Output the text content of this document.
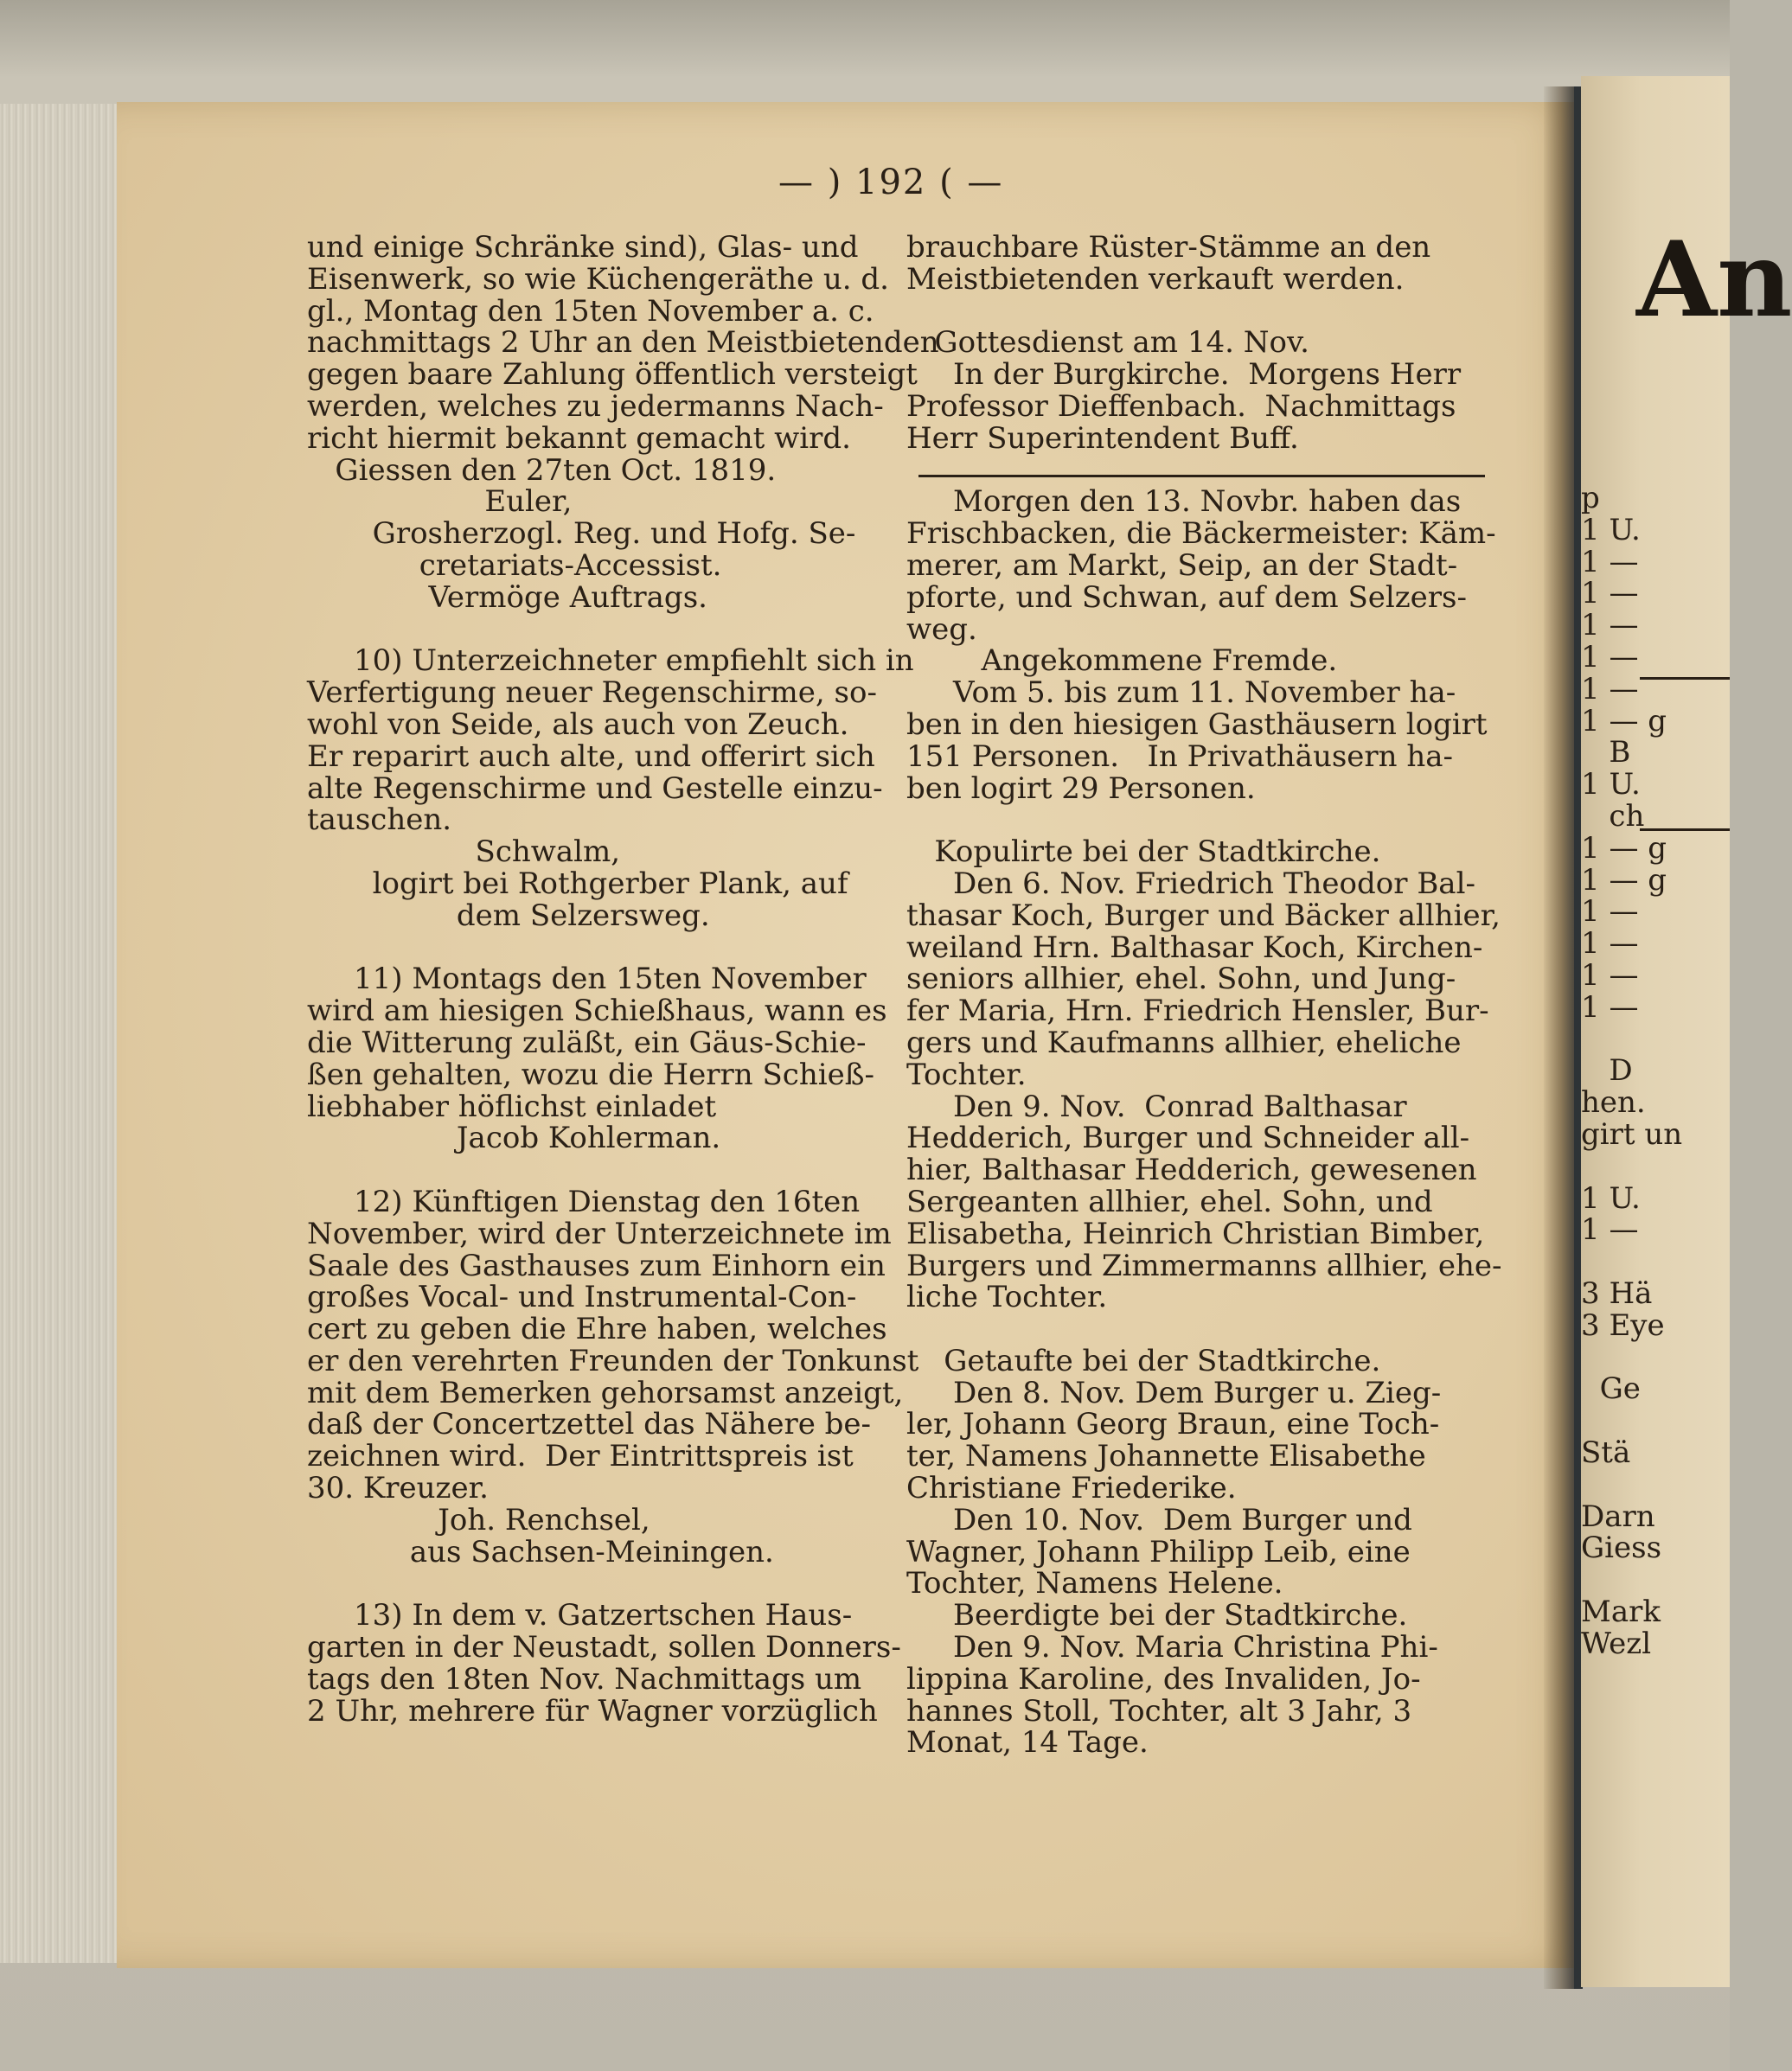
— ) 192 ( —

und einige Schränke sind), Glas- und

Eisenwerk, so wie Küchengeräthe u. d.

gl., Montag den 15ten November a. c.

nachmittags 2 Uhr an den Meistbietenden

gegen baare Zahlung öffentlich versteigt

werden, welches zu jedermanns Nach-

richt hiermit bekannt gemacht wird.

Giessen den 27ten Oct. 1819.

Euler,

Grosherzogl. Reg. und Hofg. Se-

cretariats-Accessist.

Vermöge Auftrags.

10) Unterzeichneter empfiehlt sich in

Verfertigung neuer Regenschirme, so-

wohl von Seide, als auch von Zeuch.

Er reparirt auch alte, und offerirt sich

alte Regenschirme und Gestelle einzu-

tauschen.

Schwalm,

logirt bei Rothgerber Plank, auf

dem Selzersweg.

11) Montags den 15ten November

wird am hiesigen Schießhaus, wann es

die Witterung zuläßt, ein Gäus-Schie-

ßen gehalten, wozu die Herrn Schieß-

liebhaber höflichst einladet

Jacob Kohlerman.

12) Künftigen Dienstag den 16ten

November, wird der Unterzeichnete im

Saale des Gasthauses zum Einhorn ein

großes Vocal- und Instrumental-Con-

cert zu geben die Ehre haben, welches

er den verehrten Freunden der Tonkunst

mit dem Bemerken gehorsamst anzeigt,

daß der Concertzettel das Nähere be-

zeichnen wird.  Der Eintrittspreis ist

30. Kreuzer.

Joh. Renchsel,

aus Sachsen-Meiningen.

13) In dem v. Gatzertschen Haus-

garten in der Neustadt, sollen Donners-

tags den 18ten Nov. Nachmittags um

2 Uhr, mehrere für Wagner vorzüglich

brauchbare Rüster-Stämme an den

Meistbietenden verkauft werden.

Gottesdienst am 14. Nov.

In der Burgkirche.  Morgens Herr

Professor Dieffenbach.  Nachmittags

Herr Superintendent Buff.

Morgen den 13. Novbr. haben das

Frischbacken, die Bäckermeister: Käm-

merer, am Markt, Seip, an der Stadt-

pforte, und Schwan, auf dem Selzers-

weg.

Angekommene Fremde.

Vom 5. bis zum 11. November ha-

ben in den hiesigen Gasthäusern logirt

151 Personen.   In Privathäusern ha-

ben logirt 29 Personen.

Kopulirte bei der Stadtkirche.

Den 6. Nov. Friedrich Theodor Bal-

thasar Koch, Burger und Bäcker allhier,

weiland Hrn. Balthasar Koch, Kirchen-

seniors allhier, ehel. Sohn, und Jung-

fer Maria, Hrn. Friedrich Hensler, Bur-

gers und Kaufmanns allhier, eheliche

Tochter.

Den 9. Nov.  Conrad Balthasar

Hedderich, Burger und Schneider all-

hier, Balthasar Hedderich, gewesenen

Sergeanten allhier, ehel. Sohn, und

Elisabetha, Heinrich Christian Bimber,

Burgers und Zimmermanns allhier, ehe-

liche Tochter.

Getaufte bei der Stadtkirche.

Den 8. Nov. Dem Burger u. Zieg-

ler, Johann Georg Braun, eine Toch-

ter, Namens Johannette Elisabethe

Christiane Friederike.

Den 10. Nov.  Dem Burger und

Wagner, Johann Philipp Leib, eine

Tochter, Namens Helene.

Beerdigte bei der Stadtkirche.

Den 9. Nov. Maria Christina Phi-

lippina Karoline, des Invaliden, Jo-

hannes Stoll, Tochter, alt 3 Jahr, 3

Monat, 14 Tage.

An
p
1 U.
1 —
1 —
1 —
1 —
1 —
1 — g
B
1 U.
ch
1 — g
1 — g
1 —
1 —
1 —
1 —
D
hen.
girt un
1 U.
1 —
3 Hä
3 Eye
Ge
Stä
Darn
Giess
Mark
Wezl
